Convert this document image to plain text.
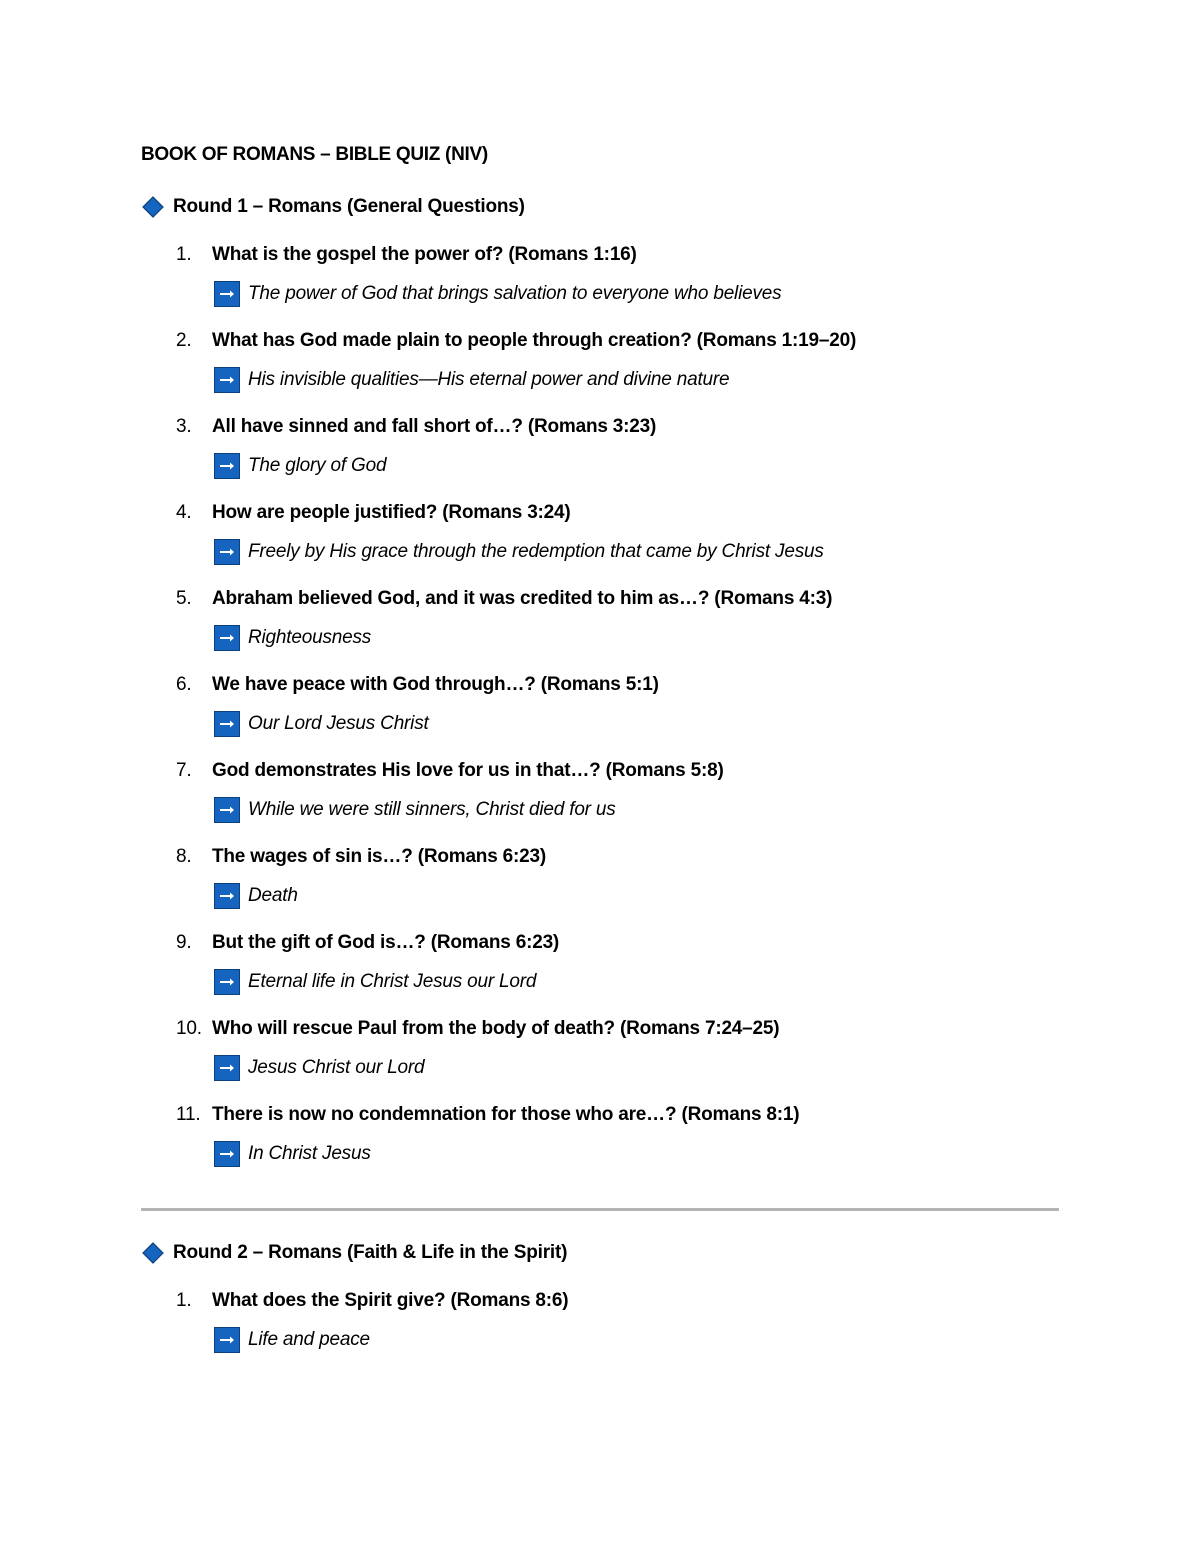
BOOK OF ROMANS – BIBLE QUIZ (NIV)
Round 1 – Romans (General Questions)
1.	What is the gospel the power of? (Romans 1:16)
The power of God that brings salvation to everyone who believes
2.	What has God made plain to people through creation? (Romans 1:19–20)
His invisible qualities—His eternal power and divine nature
3.	All have sinned and fall short of…? (Romans 3:23)
The glory of God
4.	How are people justified? (Romans 3:24)
Freely by His grace through the redemption that came by Christ Jesus
5.	Abraham believed God, and it was credited to him as…? (Romans 4:3)
Righteousness
6.	We have peace with God through…? (Romans 5:1)
Our Lord Jesus Christ
7.	God demonstrates His love for us in that…? (Romans 5:8)
While we were still sinners, Christ died for us
8.	The wages of sin is…? (Romans 6:23)
Death
9.	But the gift of God is…? (Romans 6:23)
Eternal life in Christ Jesus our Lord
10. Who will rescue Paul from the body of death? (Romans 7:24–25)
Jesus Christ our Lord
11. There is now no condemnation for those who are…? (Romans 8:1)
In Christ Jesus
Round 2 – Romans (Faith & Life in the Spirit)
1.	What does the Spirit give? (Romans 8:6)
Life and peace
